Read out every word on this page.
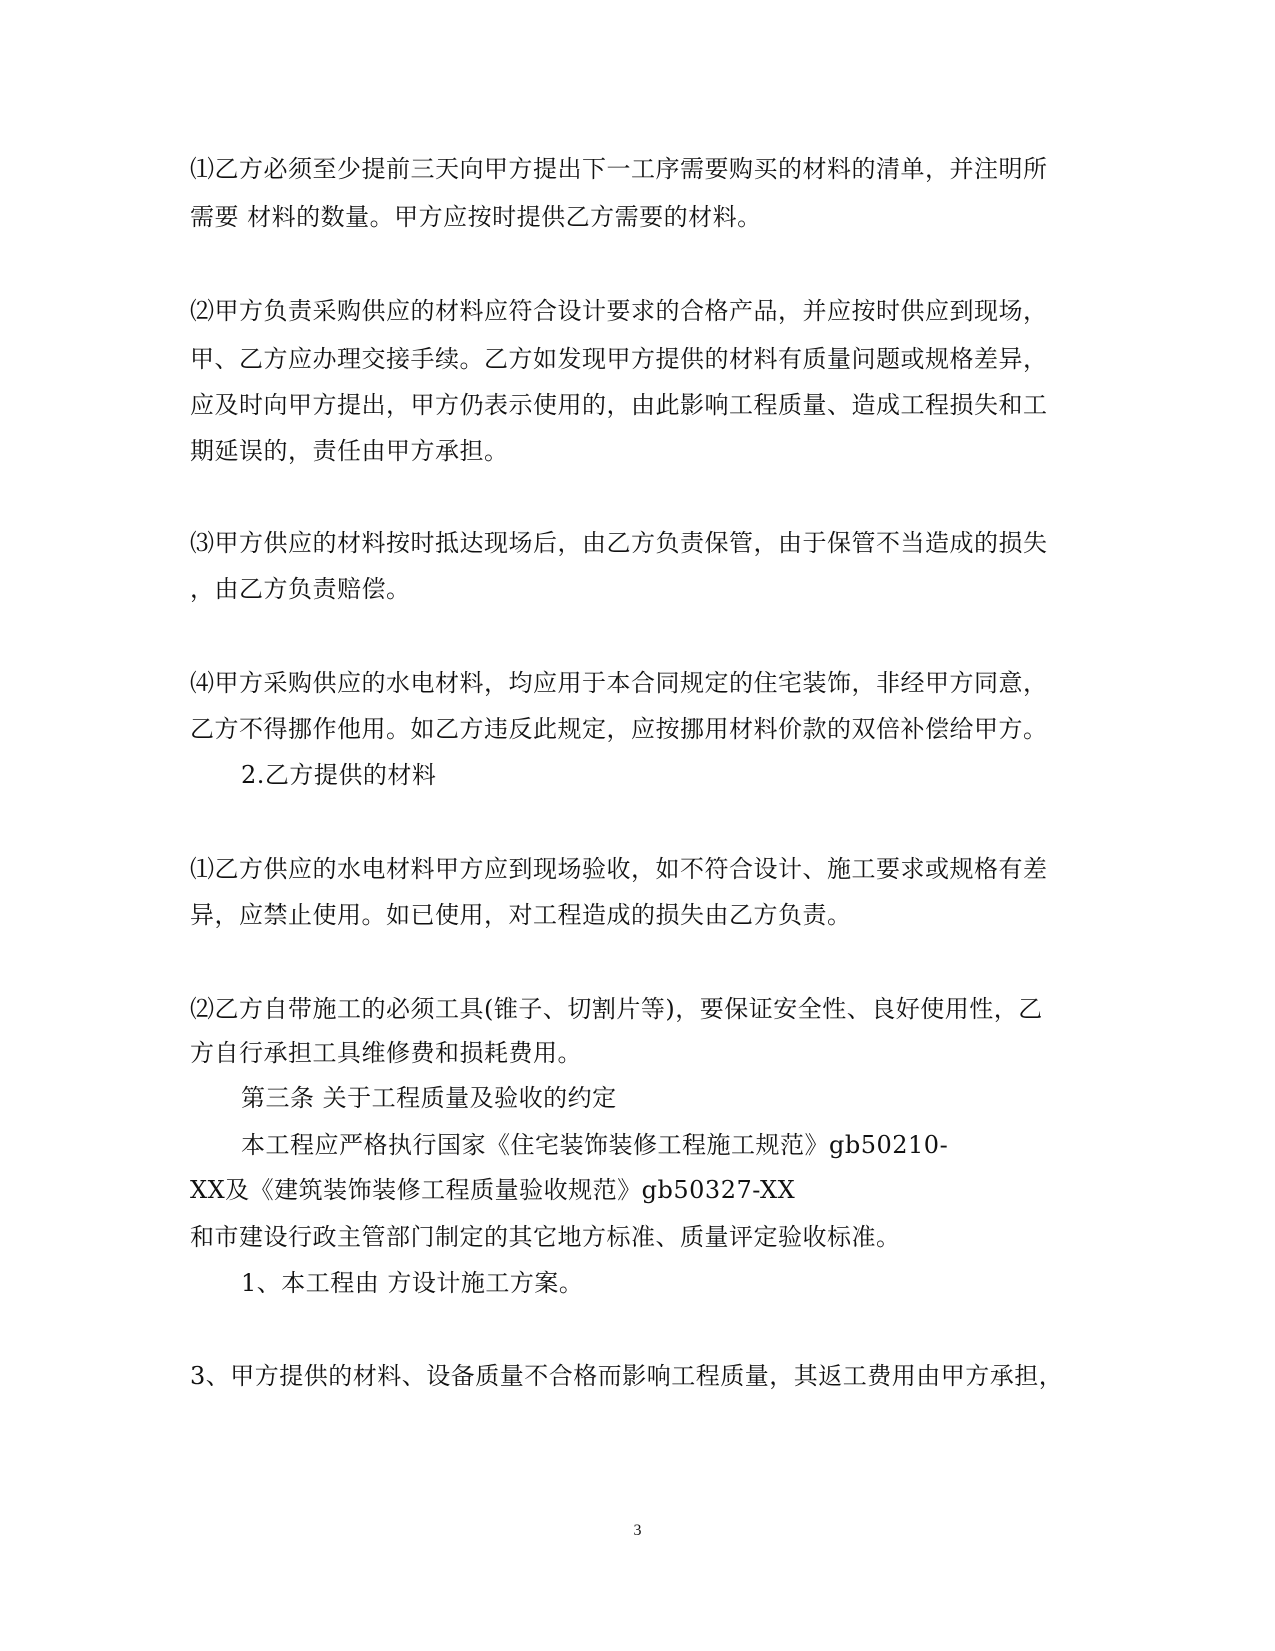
⑴乙方必须至少提前三天向甲方提出下一工序需要购买的材料的清单，并注明所
需要 材料的数量。甲方应按时提供乙方需要的材料。
⑵甲方负责采购供应的材料应符合设计要求的合格产品，并应按时供应到现场，
甲、乙方应办理交接手续。乙方如发现甲方提供的材料有质量问题或规格差异，
应及时向甲方提出，甲方仍表示使用的，由此影响工程质量、造成工程损失和工
期延误的，责任由甲方承担。
⑶甲方供应的材料按时抵达现场后，由乙方负责保管，由于保管不当造成的损失
，由乙方负责赔偿。
⑷甲方采购供应的水电材料，均应用于本合同规定的住宅装饰，非经甲方同意，
乙方不得挪作他用。如乙方违反此规定，应按挪用材料价款的双倍补偿给甲方。
2.乙方提供的材料
⑴乙方供应的水电材料甲方应到现场验收，如不符合设计、施工要求或规格有差
异，应禁止使用。如已使用，对工程造成的损失由乙方负责。
⑵乙方自带施工的必须工具(锥子、切割片等)，要保证安全性、良好使用性，乙
方自行承担工具维修费和损耗费用。
第三条 关于工程质量及验收的约定
本工程应严格执行国家《住宅装饰装修工程施工规范》gb50210-
XX及《建筑装饰装修工程质量验收规范》gb50327-XX
和市建设行政主管部门制定的其它地方标准、质量评定验收标准。
1、本工程由 方设计施工方案。
3、甲方提供的材料、设备质量不合格而影响工程质量，其返工费用由甲方承担，
3
